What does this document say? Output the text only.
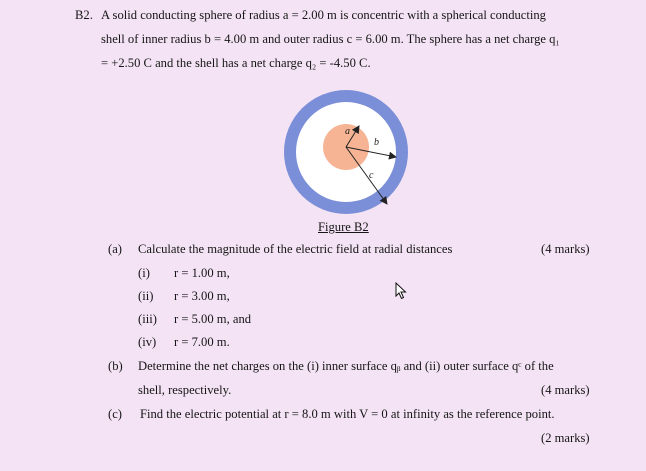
B2. A solid conducting sphere of radius a = 2.00 m is concentric with a spherical conducting
shell of inner radius b = 4.00 m and outer radius c = 6.00 m. The sphere has a net charge q₁
= +2.50 C and the shell has a net charge q₂ = -4.50 C.
a
b
c
Figure B2
(a) Calculate the magnitude of the electric field at radial distances	(4 marks)
(i) r = 1.00 m,
(ii) r = 3.00 m,
(iii) r = 5.00 m, and
(iv) r = 7.00 m.
(b) Determine the net charges on the (i) inner surface qᵦ and (ii) outer surface qᶜ of the
shell, respectively.	(4 marks)
(c) Find the electric potential at r = 8.0 m with V = 0 at infinity as the reference point.
(2 marks)
